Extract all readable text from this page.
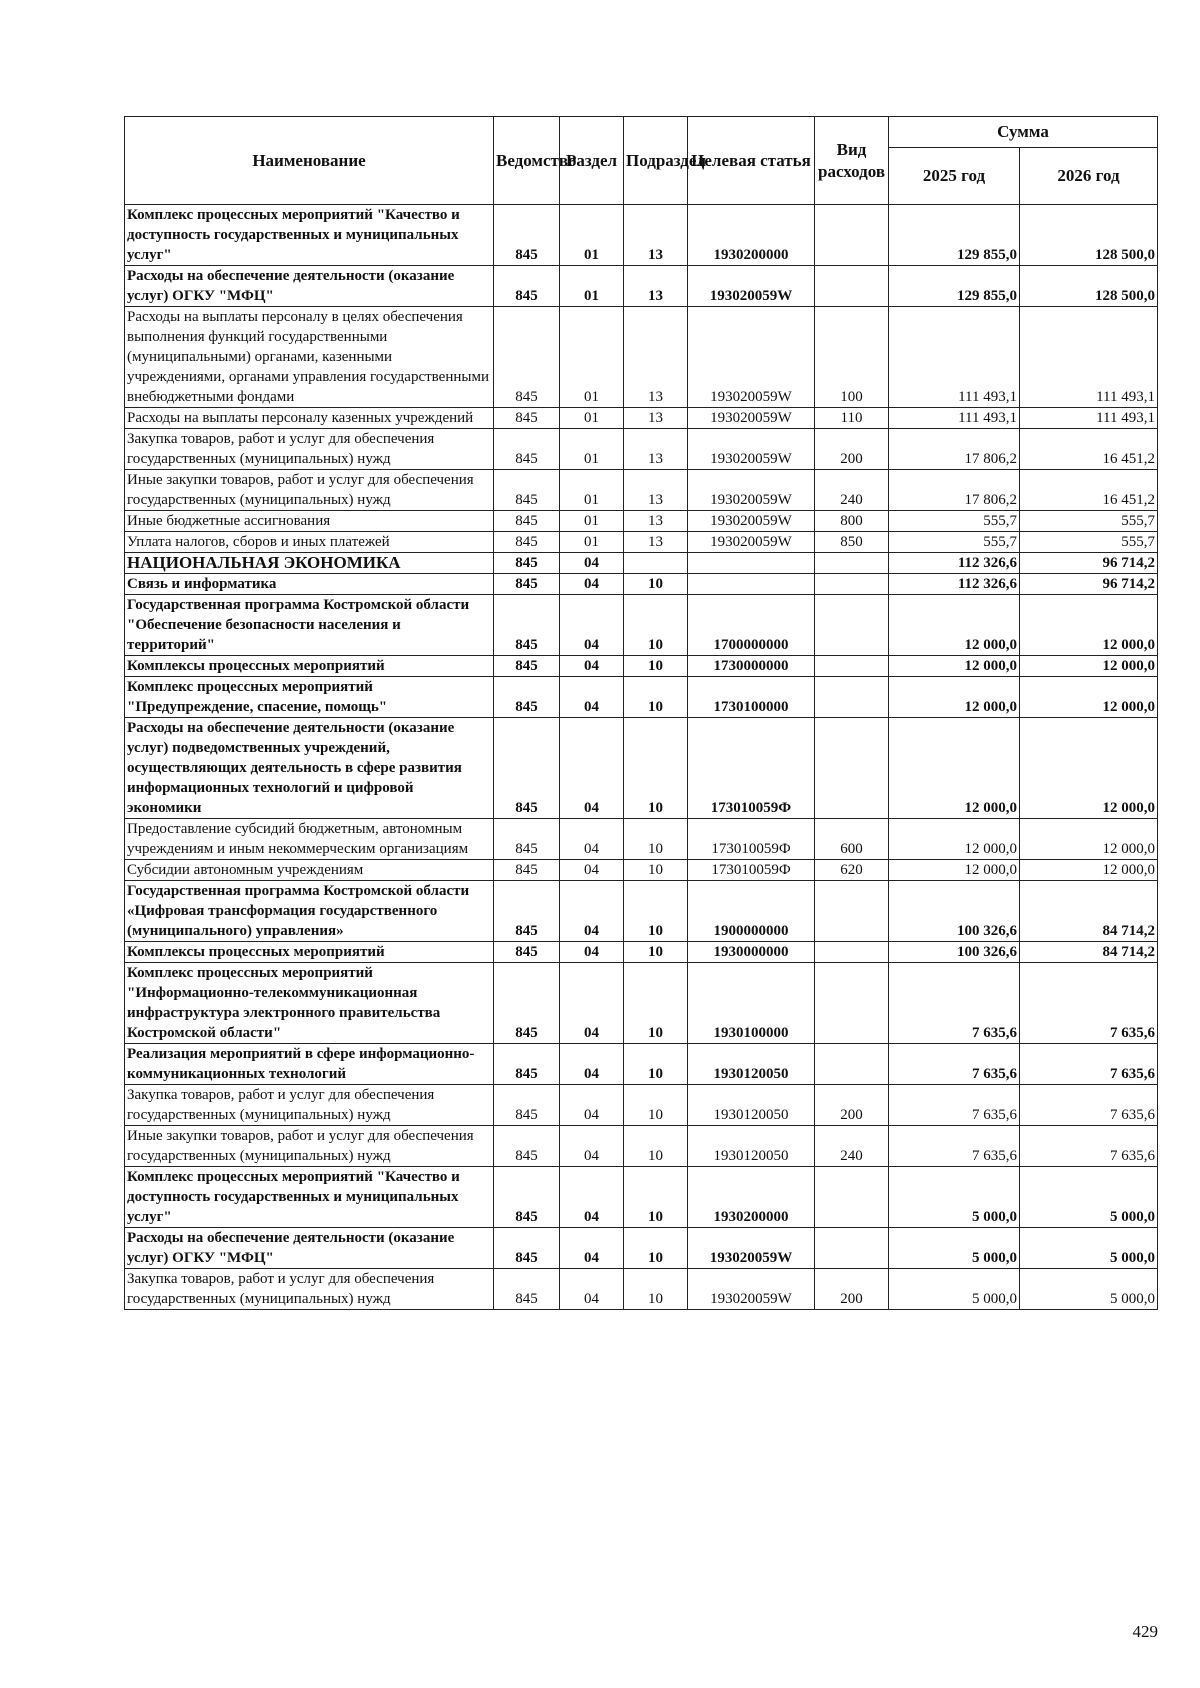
Наименование	Ведомство	Раздел	Подраздел	Целевая статья	Вид расходов	Сумма	
						2025 год	2026 год
Комплекс процессных мероприятий "Качество и доступность государственных и муниципальных услуг"	845	01	13	1930200000		129 855,0	128 500,0
Расходы на обеспечение деятельности (оказание услуг) ОГКУ "МФЦ"	845	01	13	193020059W		129 855,0	128 500,0
Расходы на выплаты персоналу в целях обеспечения выполнения функций государственными (муниципальными) органами, казенными учреждениями, органами управления государственными внебюджетными фондами	845	01	13	193020059W	100	111 493,1	111 493,1
Расходы на выплаты персоналу казенных учреждений	845	01	13	193020059W	110	111 493,1	111 493,1
Закупка товаров, работ и услуг для обеспечения государственных (муниципальных) нужд	845	01	13	193020059W	200	17 806,2	16 451,2
Иные закупки товаров, работ и услуг для обеспечения государственных (муниципальных) нужд	845	01	13	193020059W	240	17 806,2	16 451,2
Иные бюджетные ассигнования	845	01	13	193020059W	800	555,7	555,7
Уплата налогов, сборов и иных платежей	845	01	13	193020059W	850	555,7	555,7
НАЦИОНАЛЬНАЯ ЭКОНОМИКА	845	04				112 326,6	96 714,2
Связь и информатика	845	04	10			112 326,6	96 714,2
Государственная программа Костромской области "Обеспечение безопасности населения и территорий"	845	04	10	1700000000		12 000,0	12 000,0
Комплексы процессных мероприятий	845	04	10	1730000000		12 000,0	12 000,0
Комплекс процессных мероприятий "Предупреждение, спасение, помощь"	845	04	10	1730100000		12 000,0	12 000,0
Расходы на обеспечение деятельности (оказание услуг) подведомственных учреждений, осуществляющих деятельность в сфере развития информационных технологий и цифровой экономики	845	04	10	173010059Ф		12 000,0	12 000,0
Предоставление субсидий бюджетным, автономным учреждениям и иным некоммерческим организациям	845	04	10	173010059Ф	600	12 000,0	12 000,0
Субсидии автономным учреждениям	845	04	10	173010059Ф	620	12 000,0	12 000,0
Государственная программа Костромской области «Цифровая трансформация государственного (муниципального) управления»	845	04	10	1900000000		100 326,6	84 714,2
Комплексы процессных мероприятий	845	04	10	1930000000		100 326,6	84 714,2
Комплекс процессных мероприятий "Информационно-телекоммуникационная инфраструктура электронного правительства Костромской области"	845	04	10	1930100000		7 635,6	7 635,6
Реализация мероприятий в сфере информационно-коммуникационных технологий	845	04	10	1930120050		7 635,6	7 635,6
Закупка товаров, работ и услуг для обеспечения государственных (муниципальных) нужд	845	04	10	1930120050	200	7 635,6	7 635,6
Иные закупки товаров, работ и услуг для обеспечения государственных (муниципальных) нужд	845	04	10	1930120050	240	7 635,6	7 635,6
Комплекс процессных мероприятий "Качество и доступность государственных и муниципальных услуг"	845	04	10	1930200000		5 000,0	5 000,0
Расходы на обеспечение деятельности (оказание услуг) ОГКУ "МФЦ"	845	04	10	193020059W		5 000,0	5 000,0
Закупка товаров, работ и услуг для обеспечения государственных (муниципальных) нужд	845	04	10	193020059W	200	5 000,0	5 000,0
429
